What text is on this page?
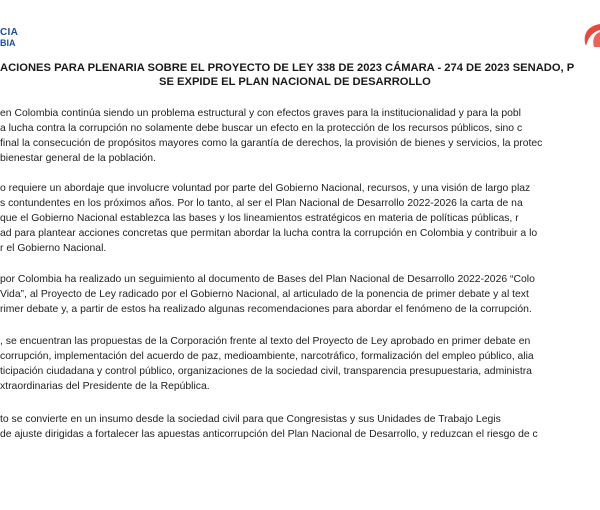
CIA
BIA
ACIONES PARA PLENARIA SOBRE EL PROYECTO DE LEY 338 DE 2023 CÁMARA - 274 DE 2023 SENADO, P
SE EXPIDE EL PLAN NACIONAL DE DESARROLLO
en Colombia continúa siendo un problema estructural y con efectos graves para la institucionalidad y para la pobl
a lucha contra la corrupción no solamente debe buscar un efecto en la protección de los recursos públicos, sino c
final la consecución de propósitos mayores como la garantía de derechos, la provisión de bienes y servicios, la protec
bienestar general de la población.
o requiere un abordaje que involucre voluntad por parte del Gobierno Nacional, recursos, y una visión de largo plaz
s contundentes en los próximos años. Por lo tanto, al ser el Plan Nacional de Desarrollo 2022-2026 la carta de na
que el Gobierno Nacional establezca las bases y los lineamientos estratégicos en materia de políticas públicas, r
ad para plantear acciones concretas que permitan abordar la lucha contra la corrupción en Colombia y contribuir a lo
r el Gobierno Nacional.
por Colombia ha realizado un seguimiento al documento de Bases del Plan Nacional de Desarrollo 2022-2026 “Colo
Vida”, al Proyecto de Ley radicado por el Gobierno Nacional, al articulado de la ponencia de primer debate y al text
rimer debate y, a partir de estos ha realizado algunas recomendaciones para abordar el fenómeno de la corrupción.
, se encuentran las propuestas de la Corporación frente al texto del Proyecto de Ley aprobado en primer debate en
corrupción, implementación del acuerdo de paz, medioambiente, narcotráfico, formalización del empleo público, alia
ticipación ciudadana y control público, organizaciones de la sociedad civil, transparencia presupuestaria, administra
xtraordinarias del Presidente de la República.
to se convierte en un insumo desde la sociedad civil para que Congresistas y sus Unidades de Trabajo Legis
de ajuste dirigidas a fortalecer las apuestas anticorrupción del Plan Nacional de Desarrollo, y reduzcan el riesgo de c
